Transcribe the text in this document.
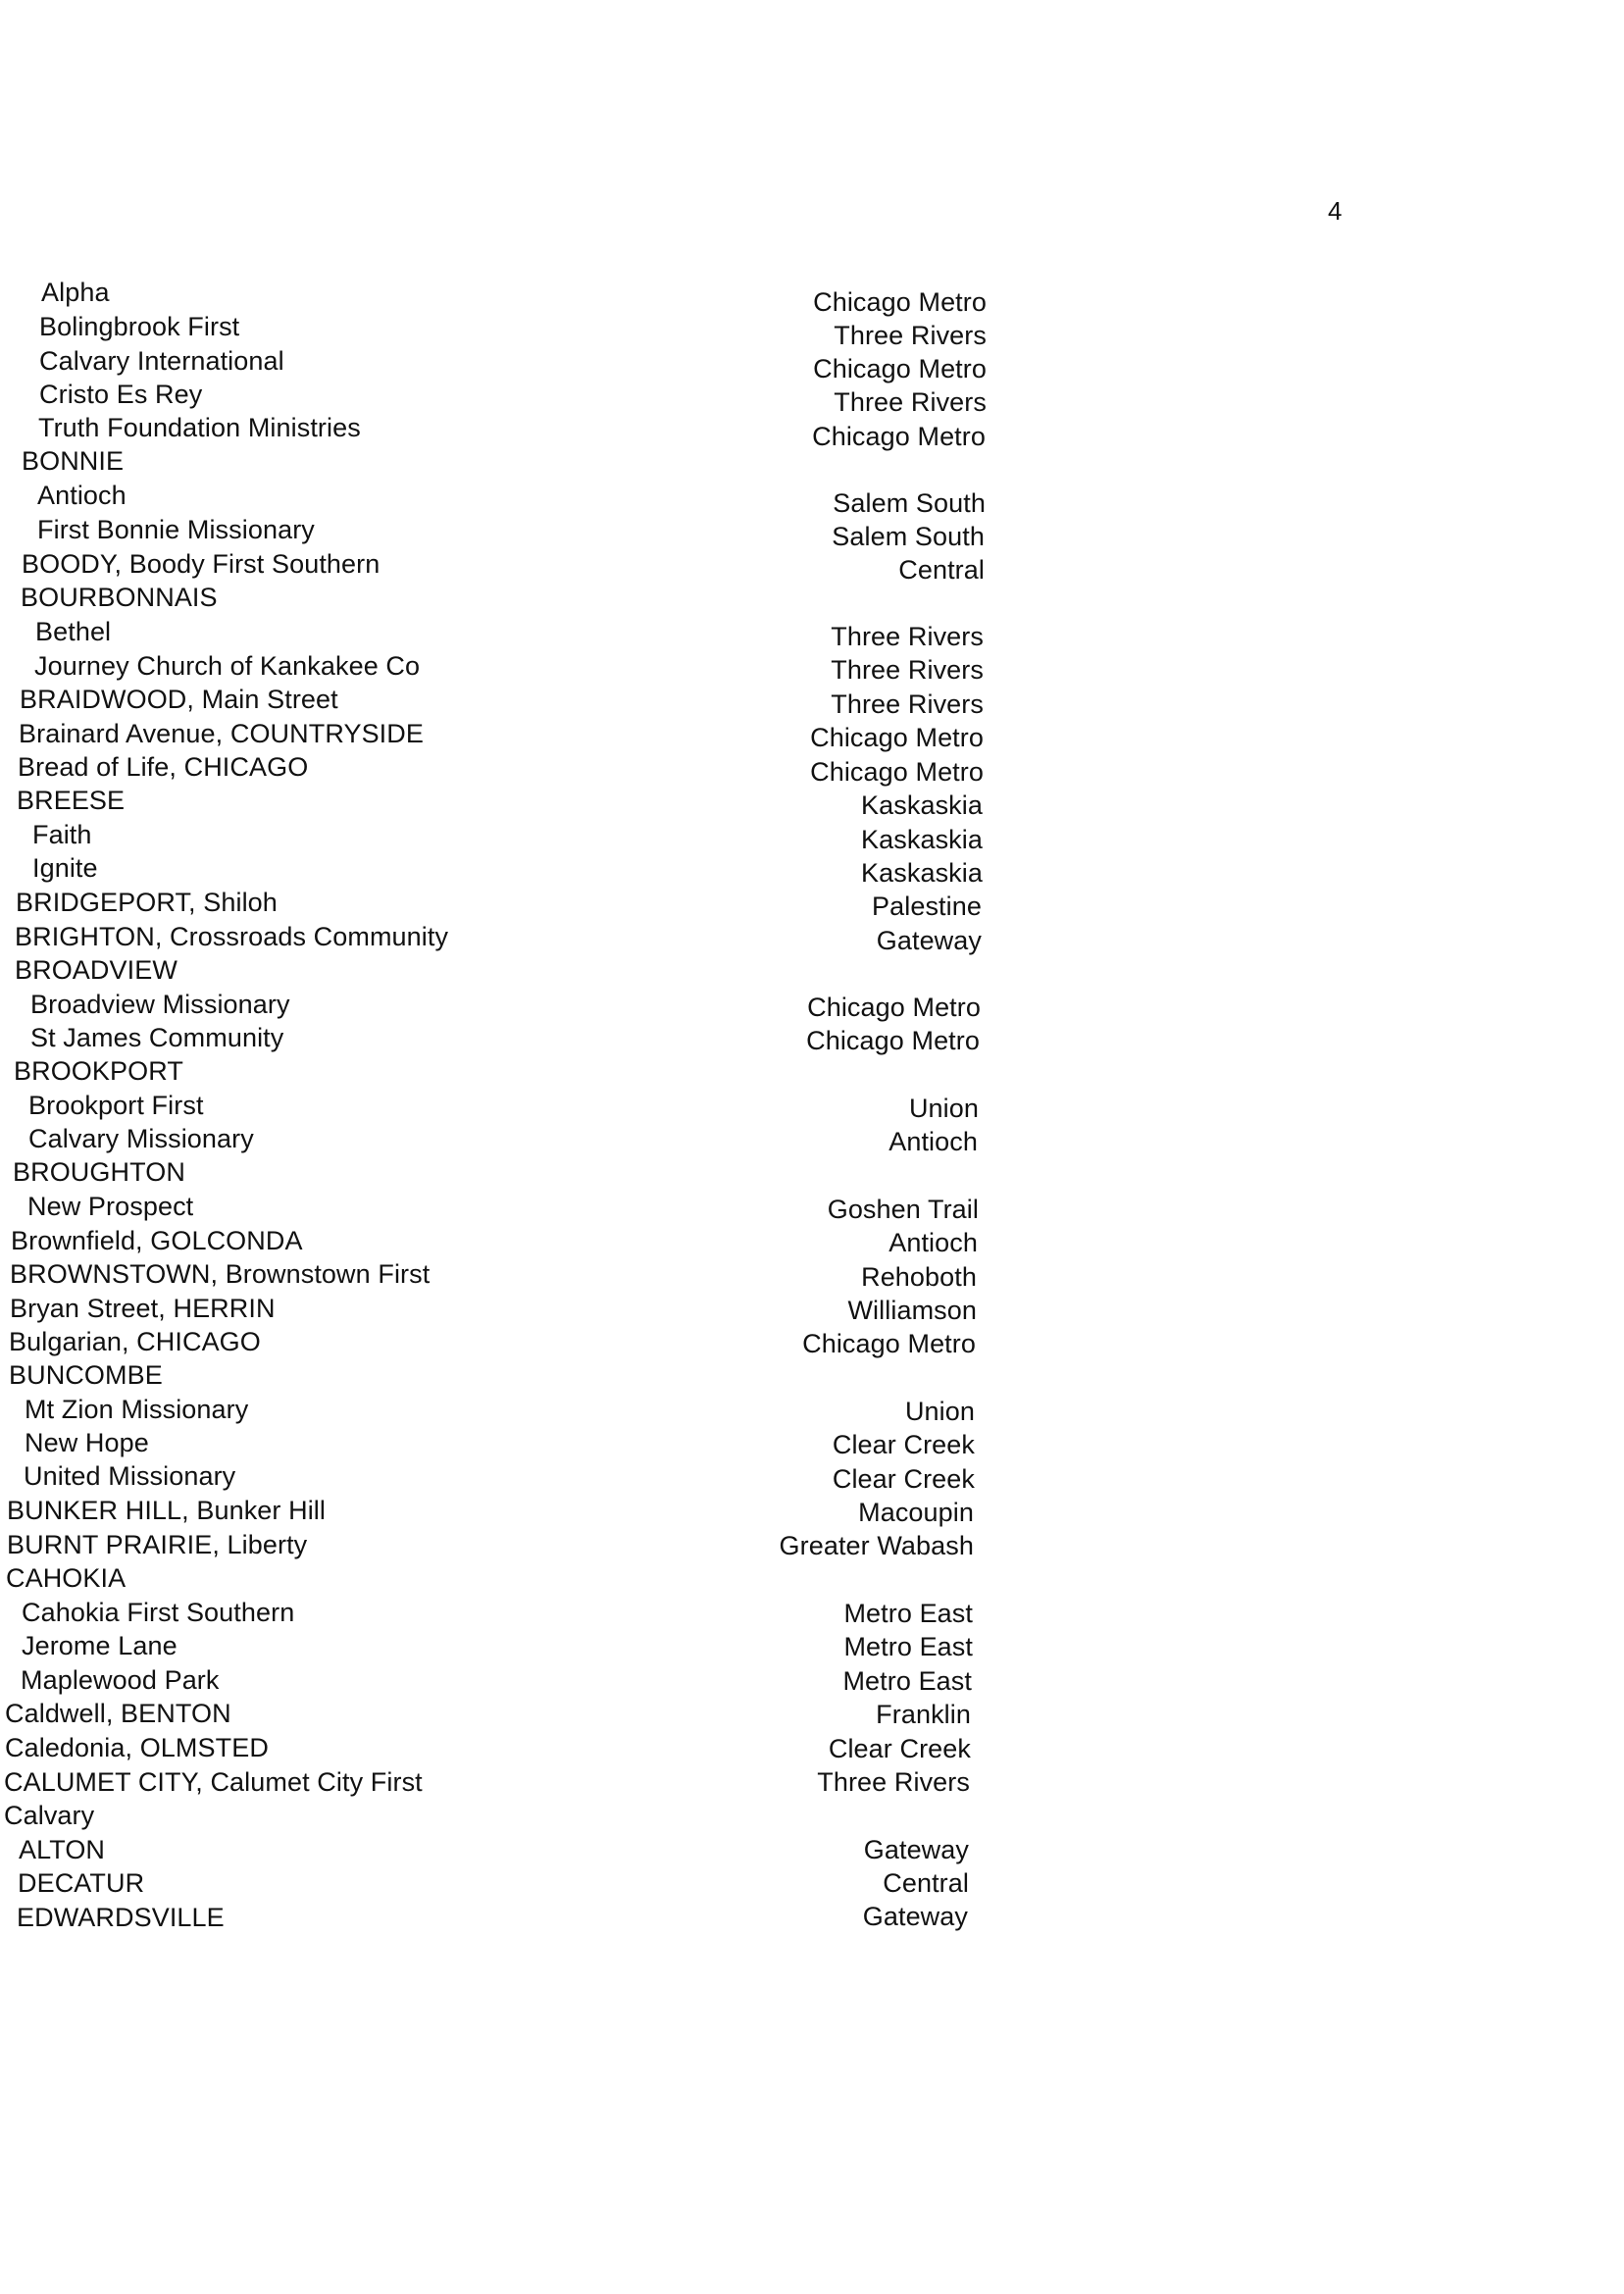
4
Alpha
Bolingbrook First
Calvary International
Cristo Es Rey
Truth Foundation Ministries
BONNIE
Antioch
First Bonnie Missionary
BOODY, Boody First Southern
BOURBONNAIS
Bethel
Journey Church of Kankakee Co
BRAIDWOOD, Main Street
Brainard Avenue, COUNTRYSIDE
Bread of Life, CHICAGO
BREESE
Faith
Ignite
BRIDGEPORT, Shiloh
BRIGHTON, Crossroads Community
BROADVIEW
Broadview Missionary
St James Community
BROOKPORT
Brookport First
Calvary Missionary
BROUGHTON
New Prospect
Brownfield, GOLCONDA
BROWNSTOWN, Brownstown First
Bryan Street, HERRIN
Bulgarian, CHICAGO
BUNCOMBE
Mt Zion Missionary
New Hope
United Missionary
BUNKER HILL, Bunker Hill
BURNT PRAIRIE, Liberty
CAHOKIA
Cahokia First Southern
Jerome Lane
Maplewood Park
Caldwell, BENTON
Caledonia, OLMSTED
CALUMET CITY, Calumet City First
Calvary
ALTON
DECATUR
EDWARDSVILLE
Chicago Metro
Three Rivers
Chicago Metro
Three Rivers
Chicago Metro
Salem South
Salem South
Central
Three Rivers
Three Rivers
Three Rivers
Chicago Metro
Chicago Metro
Kaskaskia
Kaskaskia
Kaskaskia
Palestine
Gateway
Chicago Metro
Chicago Metro
Union
Antioch
Goshen Trail
Antioch
Rehoboth
Williamson
Chicago Metro
Union
Clear Creek
Clear Creek
Macoupin
Greater Wabash
Metro East
Metro East
Metro East
Franklin
Clear Creek
Three Rivers
Gateway
Central
Gateway
